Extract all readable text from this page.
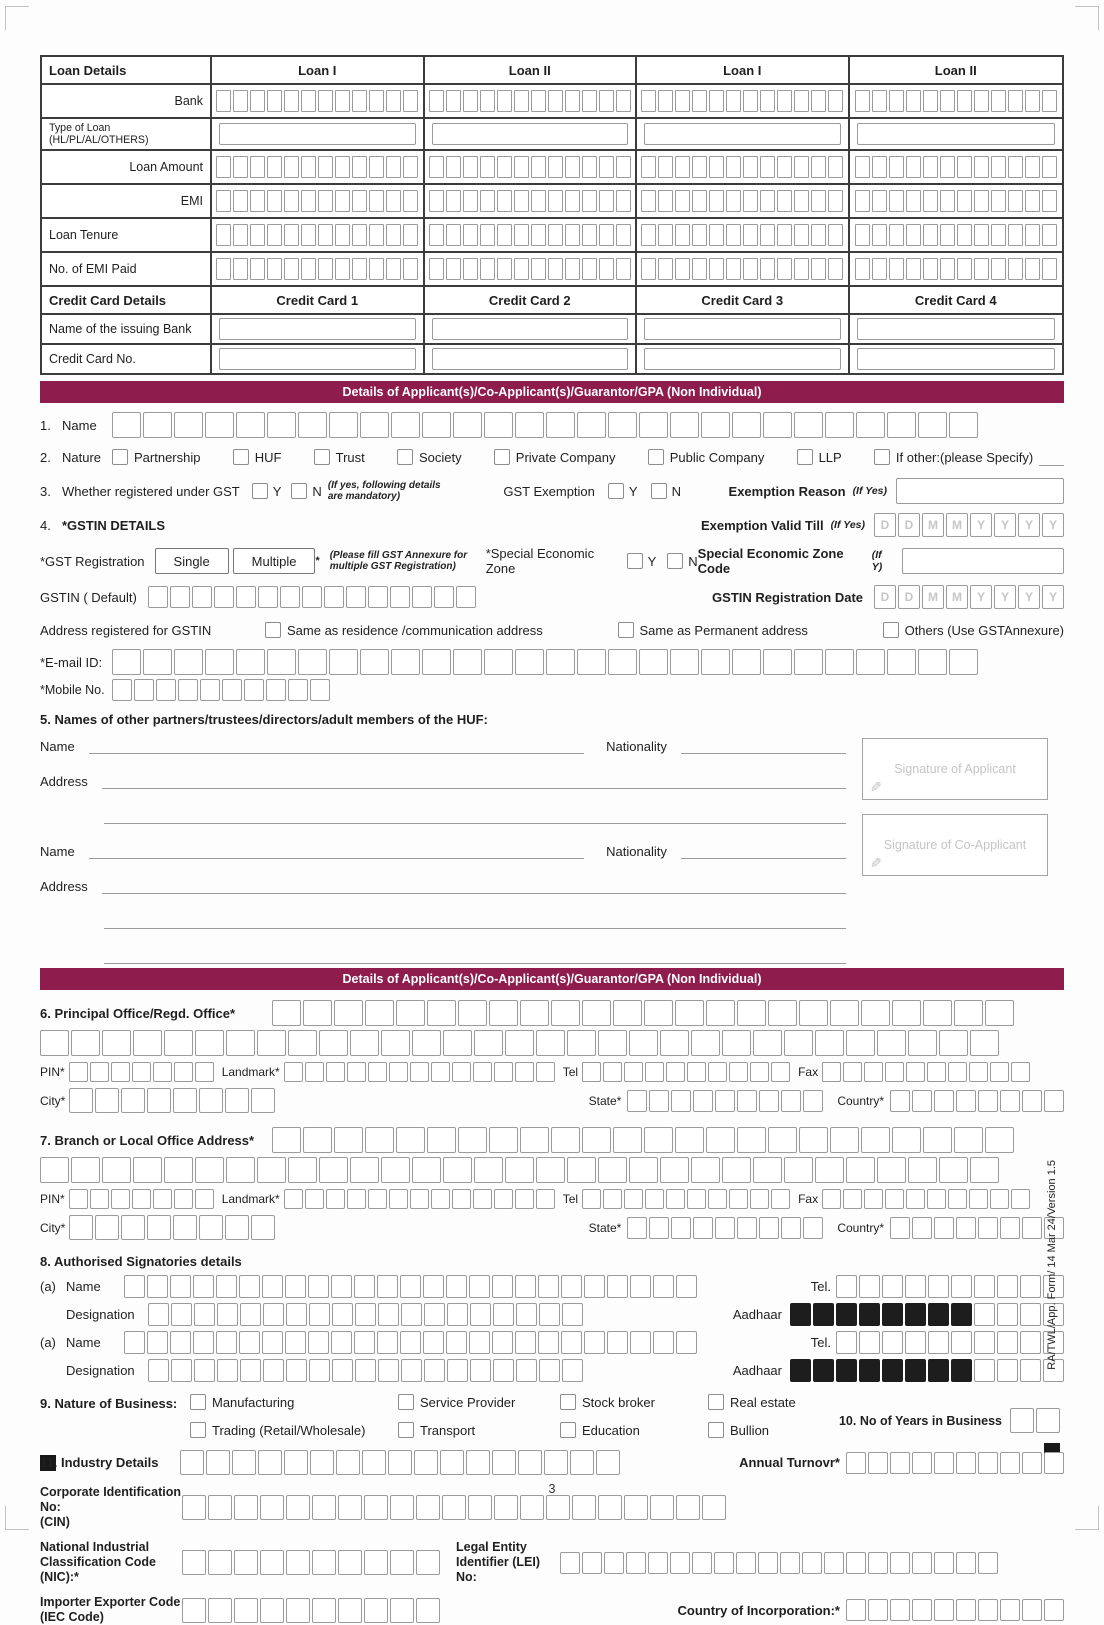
Loan Details	Loan I	Loan II	Loan I	Loan II
Bank
Type of Loan (HL/PL/AL/OTHERS)
Loan Amount
EMI
Loan Tenure
No. of EMI Paid
Credit Card Details	Credit Card 1	Credit Card 2	Credit Card 3	Credit Card 4
Name of the issuing Bank
Credit Card No.
Details of Applicant(s)/Co-Applicant(s)/Guarantor/GPA (Non Individual)
1. Name
2. Nature	Partnership	HUF	Trust	Society	Private Company	Public Company	LLP	If other:(please Specify)
3. Whether registered under GST	Y N (If yes, following details are mandatory)	GST Exemption	Y	N	Exemption Reason (If Yes)
4. *GSTIN DETAILS	Exemption Valid Till (If Yes)	D	D	M	M	Y	Y	Y	Y
*GST Registration	Single	Multiple	* (Please fill GST Annexure for multiple GST Registration)
*Special Economic Zone	Y N Special Economic Zone Code
(If Y)
GSTIN ( Default)	GSTIN Registration Date	D	D	M	M	Y	Y	Y	Y
Address registered for GSTIN	Same as residence /communication address	Same as Permanent address	Others (Use GSTAnnexure)
*E-mail ID:
*Mobile No.
5. Names of other partners/trustees/directors/adult members of the HUF:
Name	Nationality
Address
Name	Nationality
Address
Signature of Applicant
✎
Signature of Co-Applicant
✎
Details of Applicant(s)/Co-Applicant(s)/Guarantor/GPA (Non Individual)
6. Principal Office/Regd. Office*
PIN*	Landmark*	Tel	Fax
City*	State*	Country*
7. Branch or Local Office Address*
PIN*	Landmark*	Tel	Fax
City*	State*	Country*
8. Authorised Signatories details
(a) Name	Tel.
Designation	Aadhaar
(a) Name	Tel.
Designation	Aadhaar
9. Nature of Business:	Manufacturing	Service Provider	Stock broker	Real estate
Trading (Retail/Wholesale)	Transport	Education	Bullion
10. No of Years in Business
11. Industry Details	Annual Turnovr*
Corporate Identification No:
(CIN)
National Industrial
Classification Code (NIC):*
Legal Entity
Identifier (LEI) No:
Importer Exporter Code
(IEC Code)	Country of Incorporation:*
RA/TWL/App. Form/ 14 Mar 24/Version 1.5
3
